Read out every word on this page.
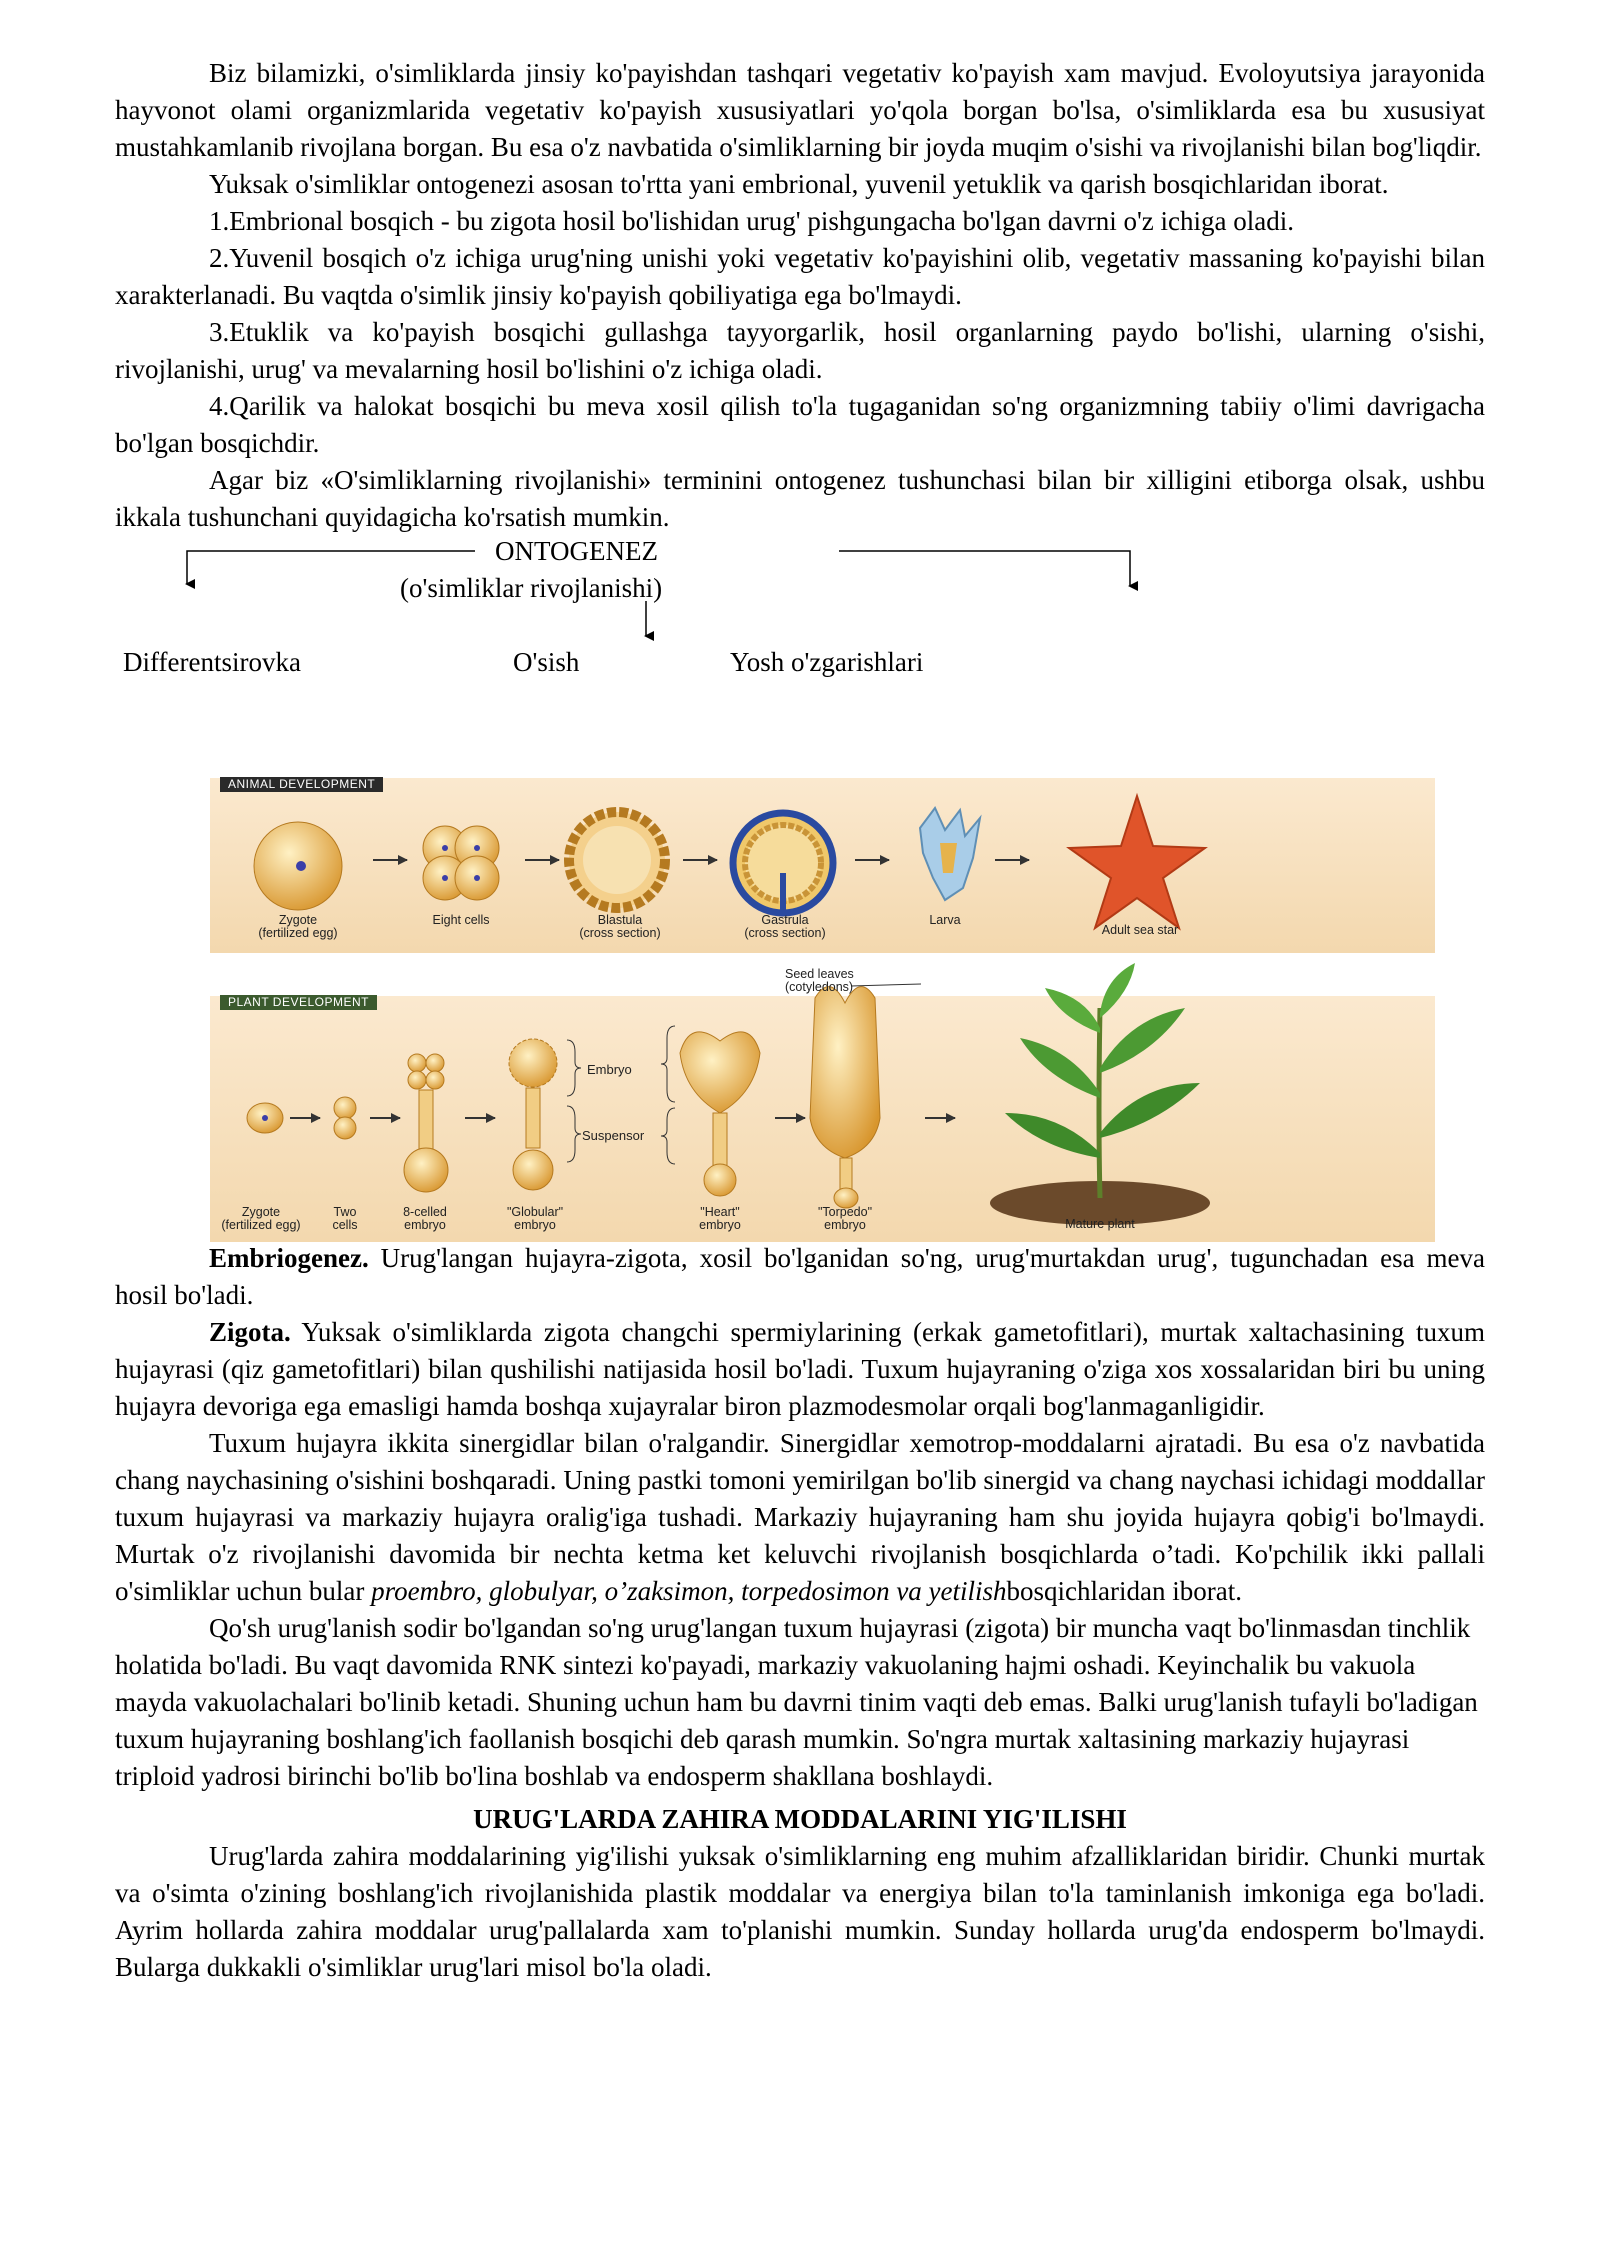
Biz bilamizki, o'simliklarda jinsiy ko'payishdan tashqari vegetativ ko'payish xam mavjud. Evoloyutsiya jarayonida hayvonot olami organizmlarida vegetativ ko'payish xususiyatlari yo'qola borgan bo'lsa, o'simliklarda esa bu xususiyat mustahkamlanib rivojlana borgan. Bu esa o'z navbatida o'simliklarning bir joyda muqim o'sishi va rivojlanishi bilan bog'liqdir.

Yuksak o'simliklar ontogenezi asosan to'rtta yani embrional, yuvenil yetuklik va qarish bosqichlaridan iborat.

1.Embrional bosqich - bu zigota hosil bo'lishidan urug' pishgungacha bo'lgan davrni o'z ichiga oladi.

2.Yuvenil bosqich o'z ichiga urug'ning unishi yoki vegetativ ko'payishini olib, vegetativ massaning ko'payishi bilan xarakterlanadi. Bu vaqtda o'simlik jinsiy ko'payish qobiliyatiga ega bo'lmaydi.

3.Etuklik va ko'payish bosqichi gullashga tayyorgarlik, hosil organlarning paydo bo'lishi, ularning o'sishi, rivojlanishi, urug' va mevalarning hosil bo'lishini o'z ichiga oladi.

4.Qarilik va halokat bosqichi bu meva xosil qilish to'la tugaganidan so'ng organizmning tabiiy o'limi davrigacha bo'lgan bosqichdir.

Agar biz «O'simliklarning rivojlanishi» terminini ontogenez tushunchasi bilan bir xilligini etiborga olsak, ushbu ikkala tushunchani quyidagicha ko'rsatish mumkin.

ONTOGENEZ
(o'simliklar rivojlanishi)
Differentsirovka	O'sish	Yosh o'zgarishlari
ANIMAL DEVELOPMENT
PLANT DEVELOPMENT
Embryo
Suspensor
Seed leaves (cotyledons)
Zygote
(fertilized egg)
Eight cells	Blastula
(cross section)
Gastrula
(cross section)
Larva
Adult sea star
Zygote
(fertilized egg)
Two
cells
8-celled
embryo
"Globular"
embryo
"Heart"
embryo
"Torpedo"
embryo	Mature plant

Embriogenez. Urug'langan hujayra-zigota, xosil bo'lganidan so'ng, urug'murtakdan urug', tugunchadan esa meva hosil bo'ladi.

Zigota. Yuksak o'simliklarda zigota changchi spermiylarining (erkak gametofitlari), murtak xaltachasining tuxum hujayrasi (qiz gametofitlari) bilan qushilishi natijasida hosil bo'ladi. Tuxum hujayraning o'ziga xos xossalaridan biri bu uning hujayra devoriga ega emasligi hamda boshqa xujayralar biron plazmodesmolar orqali bog'lanmaganligidir.

Tuxum hujayra ikkita sinergidlar bilan o'ralgandir. Sinergidlar xemotrop-moddalarni ajratadi. Bu esa o'z navbatida chang naychasining o'sishini boshqaradi. Uning pastki tomoni yemirilgan bo'lib sinergid va chang naychasi ichidagi moddallar tuxum hujayrasi va markaziy hujayra oralig'iga tushadi. Markaziy hujayraning ham shu joyida hujayra qobig'i bo'lmaydi. Murtak o'z rivojlanishi davomida bir nechta ketma ket keluvchi rivojlanish bosqichlarda o’tadi. Ko'pchilik ikki pallali o'simliklar uchun bular proembro, globulyar, o’zaksimon, torpedosimon va yetilishbosqichlaridan iborat.

Qo'sh urug'lanish sodir bo'lgandan so'ng urug'langan tuxum hujayrasi (zigota) bir muncha vaqt bo'linmasdan tinchlik holatida bo'ladi. Bu vaqt davomida RNK sintezi ko'payadi, markaziy vakuolaning hajmi oshadi. Keyinchalik bu vakuola mayda vakuolachalari bo'linib ketadi. Shuning uchun ham bu davrni tinim vaqti deb emas. Balki urug'lanish tufayli bo'ladigan tuxum hujayraning boshlang'ich faollanish bosqichi deb qarash mumkin. So'ngra murtak xaltasining markaziy hujayrasi triploid yadrosi birinchi bo'lib bo'lina boshlab va endosperm shakllana boshlaydi.

URUG'LARDA ZAHIRA MODDALARINI YIG'ILISHI

Urug'larda zahira moddalarining yig'ilishi yuksak o'simliklarning eng muhim afzalliklaridan biridir. Chunki murtak va o'simta o'zining boshlang'ich rivojlanishida plastik moddalar va energiya bilan to'la taminlanish imkoniga ega bo'ladi. Ayrim hollarda zahira moddalar urug'pallalarda xam to'planishi mumkin. Sunday hollarda urug'da endosperm bo'lmaydi. Bularga dukkakli o'simliklar urug'lari misol bo'la oladi.
